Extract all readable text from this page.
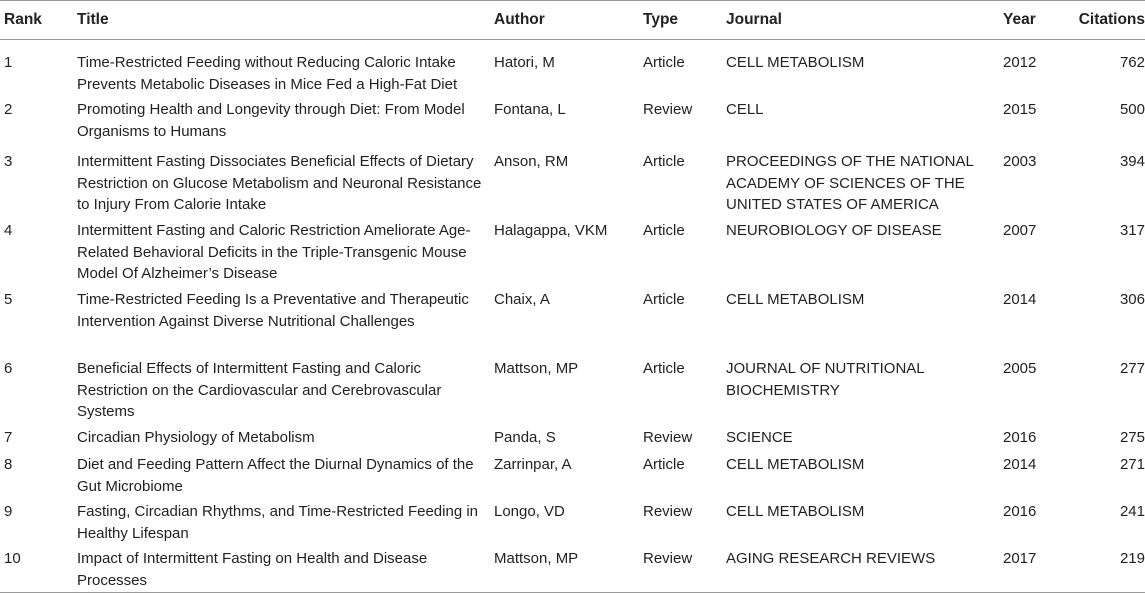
Rank	Title	Author	Type	Journal	Year	Citations
1	Time-Restricted Feeding without Reducing Caloric Intake Prevents Metabolic Diseases in Mice Fed a High-Fat Diet	Hatori, M	Article	CELL METABOLISM	2012	762
2	Promoting Health and Longevity through Diet: From Model Organisms to Humans	Fontana, L	Review	CELL	2015	500
3	Intermittent Fasting Dissociates Beneficial Effects of Dietary Restriction on Glucose Metabolism and Neuronal Resistance to Injury From Calorie Intake	Anson, RM	Article	PROCEEDINGS OF THE NATIONAL ACADEMY OF SCIENCES OF THE UNITED STATES OF AMERICA	2003	394
4	Intermittent Fasting and Caloric Restriction Ameliorate Age-Related Behavioral Deficits in the Triple-Transgenic Mouse Model Of Alzheimer’s Disease	Halagappa, VKM	Article	NEUROBIOLOGY OF DISEASE	2007	317
5	Time-Restricted Feeding Is a Preventative and Therapeutic Intervention Against Diverse Nutritional Challenges	Chaix, A	Article	CELL METABOLISM	2014	306
6	Beneficial Effects of Intermittent Fasting and Caloric Restriction on the Cardiovascular and Cerebrovascular Systems	Mattson, MP	Article	JOURNAL OF NUTRITIONAL BIOCHEMISTRY	2005	277
7	Circadian Physiology of Metabolism	Panda, S	Review	SCIENCE	2016	275
8	Diet and Feeding Pattern Affect the Diurnal Dynamics of the Gut Microbiome	Zarrinpar, A	Article	CELL METABOLISM	2014	271
9	Fasting, Circadian Rhythms, and Time-Restricted Feeding in Healthy Lifespan	Longo, VD	Review	CELL METABOLISM	2016	241
10	Impact of Intermittent Fasting on Health and Disease Processes	Mattson, MP	Review	AGING RESEARCH REVIEWS	2017	219
